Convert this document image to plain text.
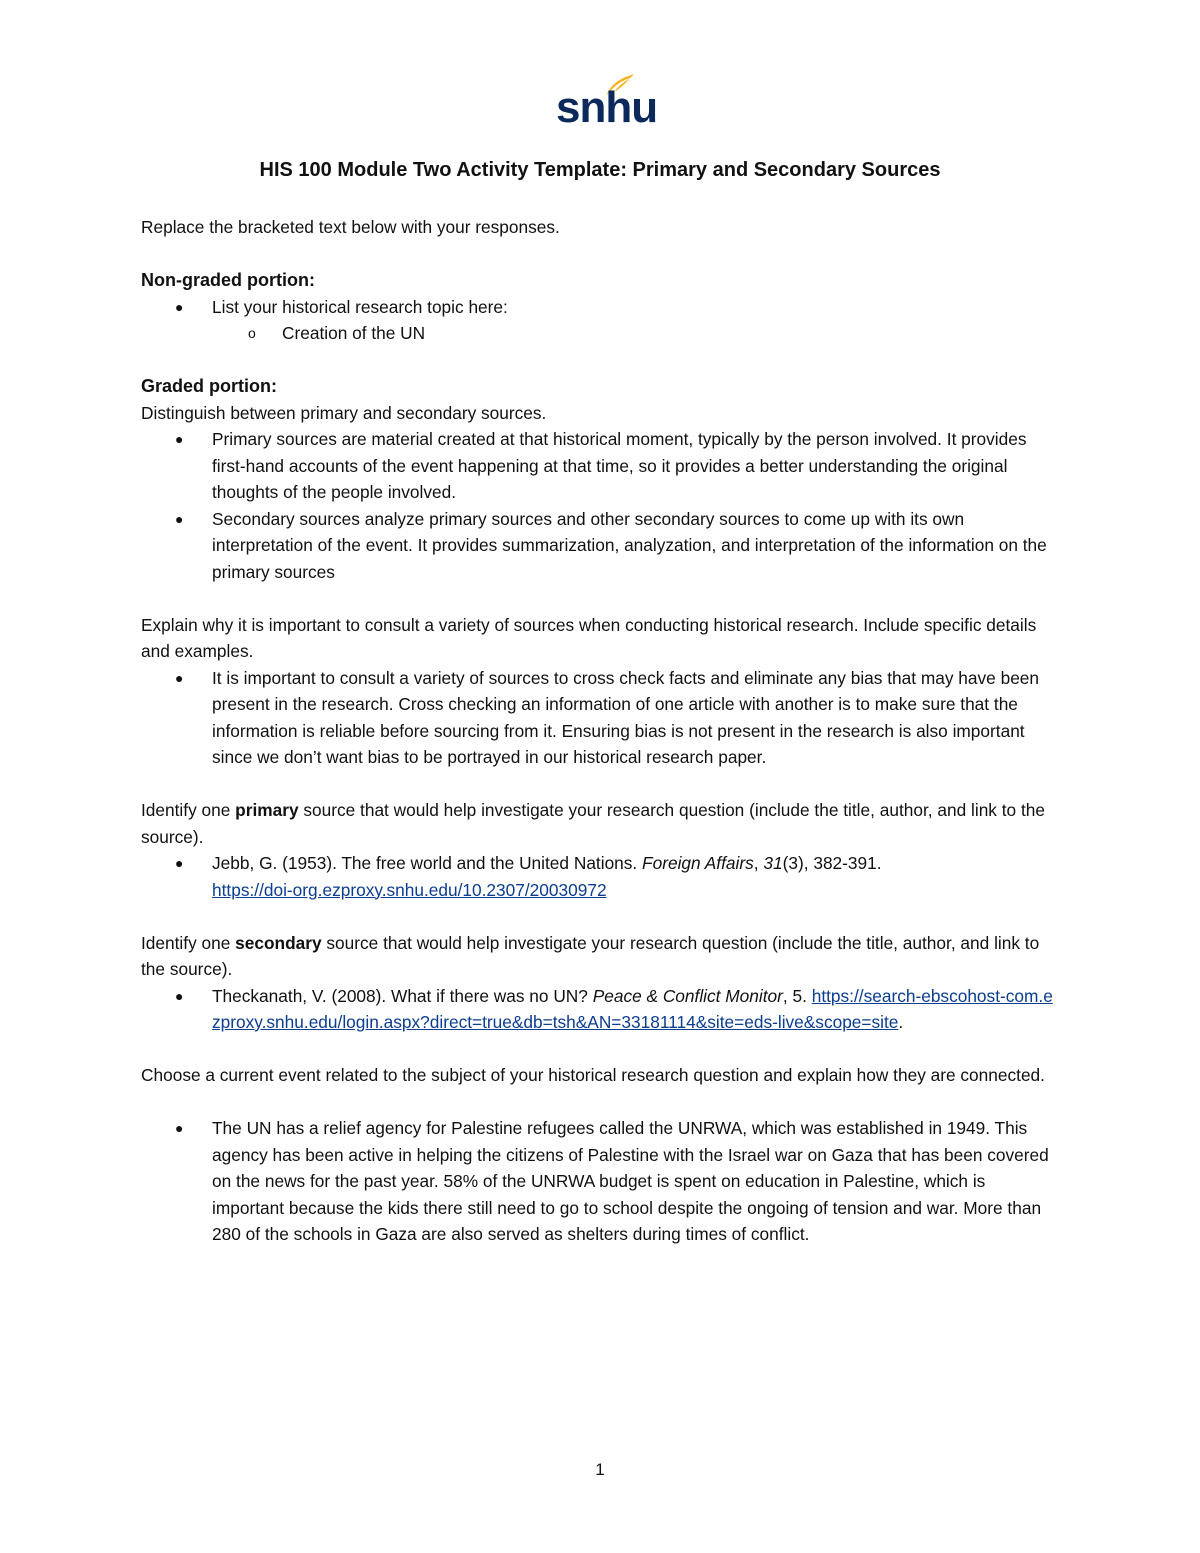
snhu
HIS 100 Module Two Activity Template: Primary and Secondary Sources

Replace the bracketed text below with your responses.

Non-graded portion:

● List your historical research topic here:
o Creation of the UN

Graded portion:

Distinguish between primary and secondary sources.

● Primary sources are material created at that historical moment, typically by the person involved. It provides first-hand accounts of the event happening at that time, so it provides a better understanding the original thoughts of the people involved.
● Secondary sources analyze primary sources and other secondary sources to come up with its own interpretation of the event. It provides summarization, analyzation, and interpretation of the information on the primary sources

Explain why it is important to consult a variety of sources when conducting historical research. Include specific details and examples.

● It is important to consult a variety of sources to cross check facts and eliminate any bias that may have been present in the research. Cross checking an information of one article with another is to make sure that the information is reliable before sourcing from it. Ensuring bias is not present in the research is also important since we don’t want bias to be portrayed in our historical research paper.

Identify one primary source that would help investigate your research question (include the title, author, and link to the source).

● Jebb, G. (1953). The free world and the United Nations. Foreign Affairs, 31(3), 382-391.
https://doi-org.ezproxy.snhu.edu/10.2307/20030972

Identify one secondary source that would help investigate your research question (include the title, author, and link to the source).

● Theckanath, V. (2008). What if there was no UN? Peace & Conflict Monitor, 5. https://search-ebscohost-com.ezproxy.snhu.edu/login.aspx?direct=true&db=tsh&AN=33181114&site=eds-live&scope=site.

Choose a current event related to the subject of your historical research question and explain how they are connected.

● The UN has a relief agency for Palestine refugees called the UNRWA, which was established in 1949. This agency has been active in helping the citizens of Palestine with the Israel war on Gaza that has been covered on the news for the past year. 58% of the UNRWA budget is spent on education in Palestine, which is important because the kids there still need to go to school despite the ongoing of tension and war. More than 280 of the schools in Gaza are also served as shelters during times of conflict.
1
